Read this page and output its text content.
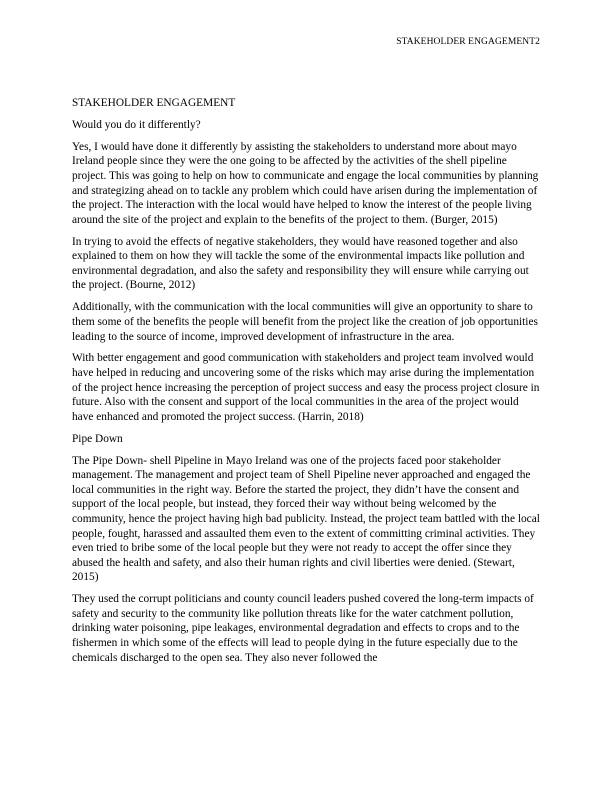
STAKEHOLDER ENGAGEMENT2

STAKEHOLDER ENGAGEMENT

Would you do it differently?

Yes, I would have done it differently by assisting the stakeholders to understand more about mayo Ireland people since they were the one going to be affected by the activities of the shell pipeline project. This was going to help on how to communicate and engage the local communities by planning and strategizing ahead on to tackle any problem which could have arisen during the implementation of the project. The interaction with the local would have helped to know the interest of the people living around the site of the project and explain to the benefits of the project to them. (Burger, 2015)

In trying to avoid the effects of negative stakeholders, they would have reasoned together and also explained to them on how they will tackle the some of the environmental impacts like pollution and environmental degradation, and also the safety and responsibility they will ensure while carrying out the project. (Bourne, 2012)

Additionally, with the communication with the local communities will give an opportunity to share to them some of the benefits the people will benefit from the project like the creation of job opportunities leading to the source of income, improved development of infrastructure in the area.

With better engagement and good communication with stakeholders and project team involved would have helped in reducing and uncovering some of the risks which may arise during the implementation of the project hence increasing the perception of project success and easy the process project closure in future. Also with the consent and support of the local communities in the area of the project would have enhanced and promoted the project success. (Harrin, 2018)

Pipe Down

The Pipe Down- shell Pipeline in Mayo Ireland was one of the projects faced poor stakeholder management. The management and project team of Shell Pipeline never approached and engaged the local communities in the right way. Before the started the project, they didn’t have the consent and support of the local people, but instead, they forced their way without being welcomed by the community, hence the project having high bad publicity. Instead, the project team battled with the local people, fought, harassed and assaulted them even to the extent of committing criminal activities. They even tried to bribe some of the local people but they were not ready to accept the offer since they abused the health and safety, and also their human rights and civil liberties were denied. (Stewart, 2015)

They used the corrupt politicians and county council leaders pushed covered the long-term impacts of safety and security to the community like pollution threats like for the water catchment pollution, drinking water poisoning, pipe leakages, environmental degradation and effects to crops and to the fishermen in which some of the effects will lead to people dying in the future especially due to the chemicals discharged to the open sea. They also never followed the
